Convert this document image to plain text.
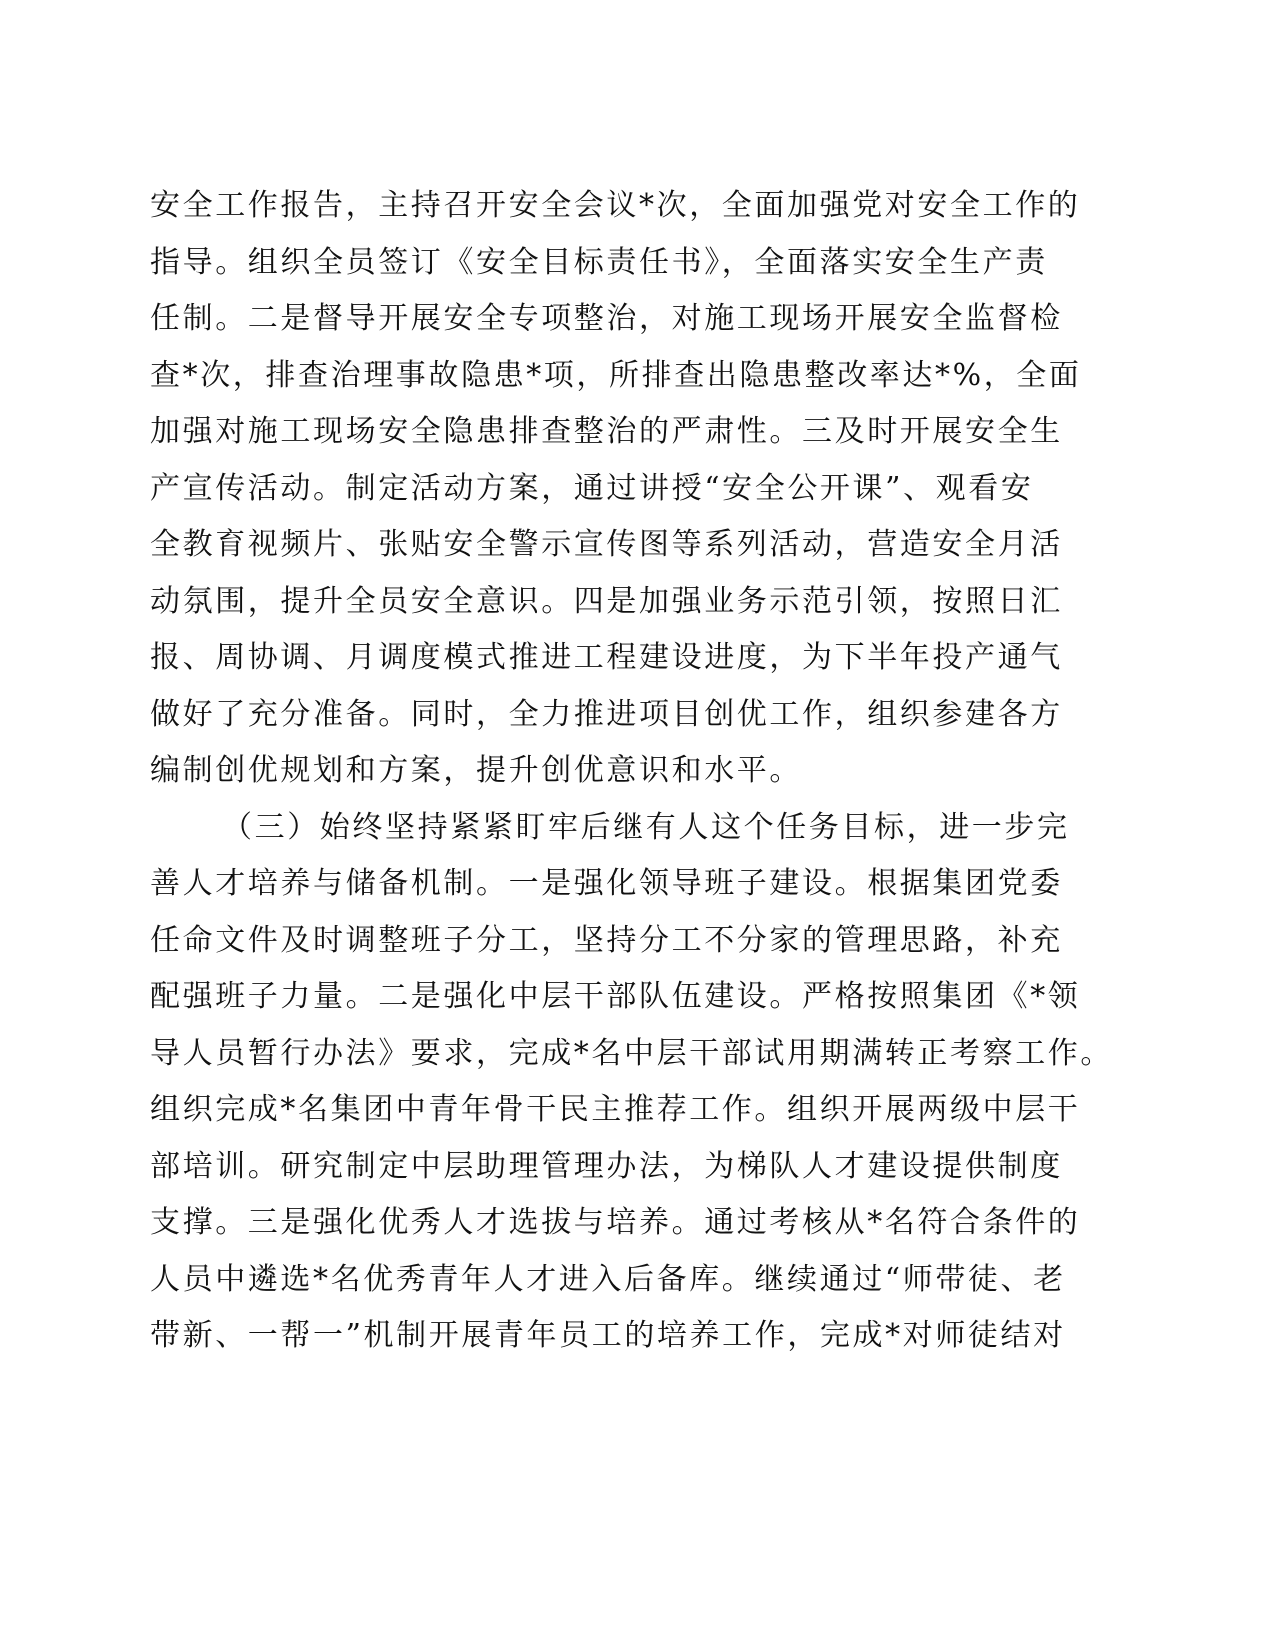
安全工作报告，主持召开安全会议*次，全面加强党对安全工作的
指导。组织全员签订《安全目标责任书》，全面落实安全生产责
任制。二是督导开展安全专项整治，对施工现场开展安全监督检
查*次，排查治理事故隐患*项，所排查出隐患整改率达*%，全面
加强对施工现场安全隐患排查整治的严肃性。三及时开展安全生
产宣传活动。制定活动方案，通过讲授“安全公开课”、观看安
全教育视频片、张贴安全警示宣传图等系列活动，营造安全月活
动氛围，提升全员安全意识。四是加强业务示范引领，按照日汇
报、周协调、月调度模式推进工程建设进度，为下半年投产通气
做好了充分准备。同时，全力推进项目创优工作，组织参建各方
编制创优规划和方案，提升创优意识和水平。
（三）始终坚持紧紧盯牢后继有人这个任务目标，进一步完
善人才培养与储备机制。一是强化领导班子建设。根据集团党委
任命文件及时调整班子分工，坚持分工不分家的管理思路，补充
配强班子力量。二是强化中层干部队伍建设。严格按照集团《*领
导人员暂行办法》要求，完成*名中层干部试用期满转正考察工作。
组织完成*名集团中青年骨干民主推荐工作。组织开展两级中层干
部培训。研究制定中层助理管理办法，为梯队人才建设提供制度
支撑。三是强化优秀人才选拔与培养。通过考核从*名符合条件的
人员中遴选*名优秀青年人才进入后备库。继续通过“师带徒、老
带新、一帮一”机制开展青年员工的培养工作，完成*对师徒结对
